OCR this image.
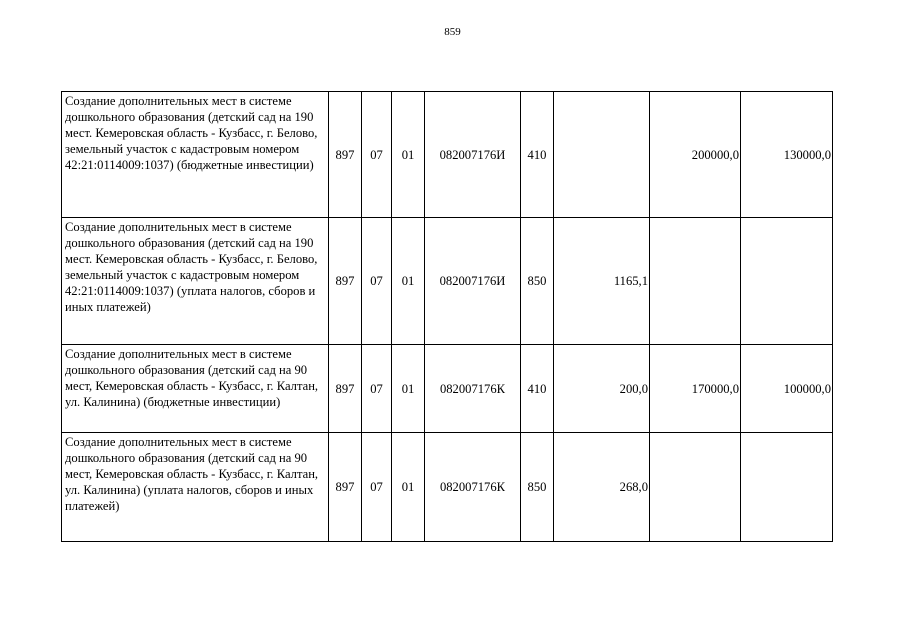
859
Создание дополнительных мест в системе дошкольного образования (детский сад на 190 мест. Кемеровская область - Кузбасс, г. Белово, земельный участок с кадастровым номером 42:21:0114009:1037) (бюджетные инвестиции)	897	07	01	082007176И	410		200000,0	130000,0
Создание дополнительных мест в системе дошкольного образования (детский сад на 190 мест. Кемеровская область - Кузбасс, г. Белово, земельный участок с кадастровым номером 42:21:0114009:1037) (уплата налогов, сборов и иных платежей)	897	07	01	082007176И	850	1165,1		
Создание дополнительных мест в системе дошкольного образования (детский сад на 90 мест, Кемеровская область - Кузбасс, г. Калтан, ул. Калинина) (бюджетные инвестиции)	897	07	01	082007176К	410	200,0	170000,0	100000,0
Создание дополнительных мест в системе дошкольного образования (детский сад на 90 мест, Кемеровская область - Кузбасс, г. Калтан, ул. Калинина) (уплата налогов, сборов и иных платежей)	897	07	01	082007176К	850	268,0		
